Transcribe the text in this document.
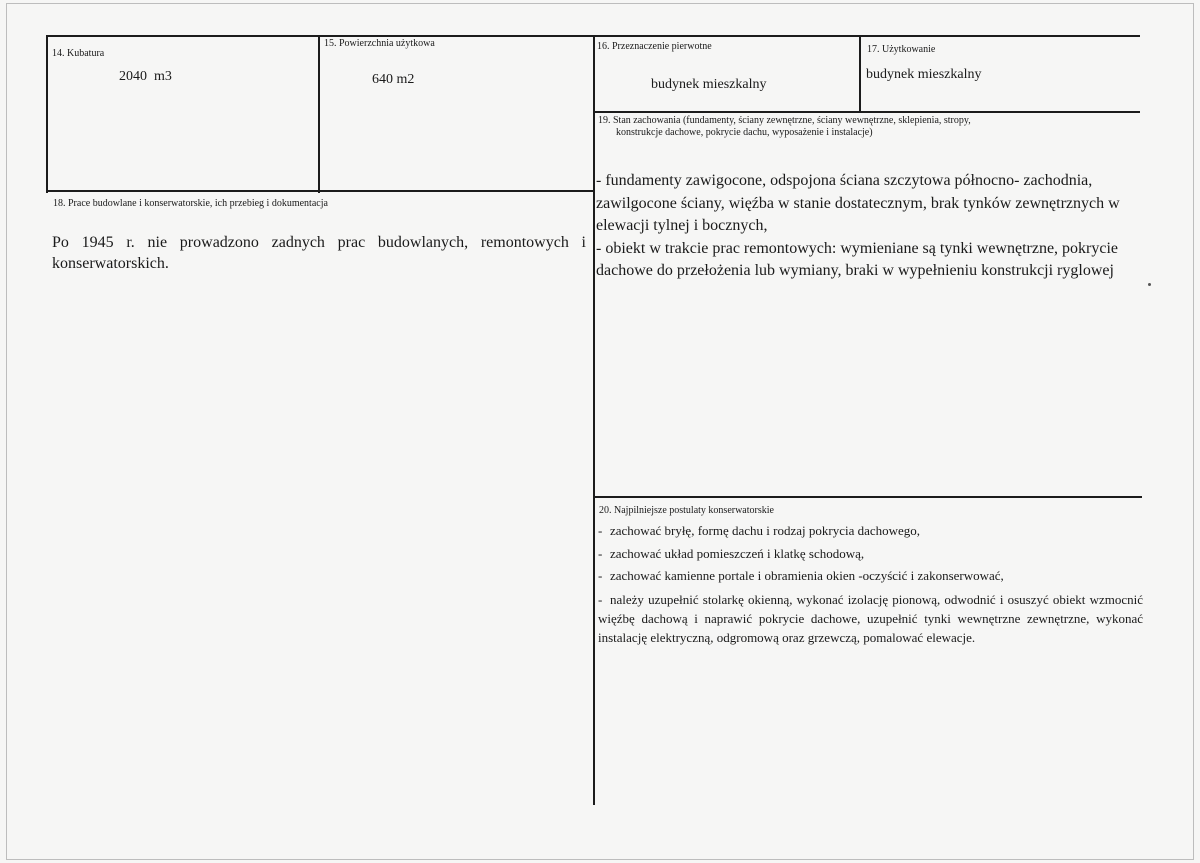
14. Kubatura
2040  m3
15. Powierzchnia użytkowa
640 m2
16. Przeznaczenie pierwotne
budynek mieszkalny
17. Użytkowanie
budynek mieszkalny
18. Prace budowlane i konserwatorskie, ich przebieg i dokumentacja

Po 1945 r. nie prowadzono zadnych prac budowlanych, remontowych i konserwatorskich.

19. Stan zachowania (fundamenty, ściany zewnętrzne, ściany wewnętrzne, sklepienia, stropy,
konstrukcje dachowe, pokrycie dachu, wyposażenie i instalacje)
- fundamenty zawigocone, odspojona ściana szczytowa północno- zachodnia,
zawilgocone ściany, więźba w stanie dostatecznym, brak tynków zewnętrznych w
elewacji tylnej i bocznych,
- obiekt w trakcie prac remontowych: wymieniane są tynki wewnętrzne, pokrycie
dachowe do przełożenia lub wymiany, braki w wypełnieniu konstrukcji ryglowej
20. Najpilniejsze postulaty konserwatorskie
- zachować bryłę, formę dachu i rodzaj pokrycia dachowego,
- zachować układ pomieszczeń i klatkę schodową,
- zachować kamienne portale i obramienia okien -oczyścić i zakonserwować,
- należy uzupełnić stolarkę okienną, wykonać izolację pionową, odwodnić i osuszyć obiekt wzmocnić więźbę dachową i naprawić pokrycie dachowe, uzupełnić tynki wewnętrzne zewnętrzne, wykonać instalację elektryczną, odgromową oraz grzewczą, pomalować elewacje.
